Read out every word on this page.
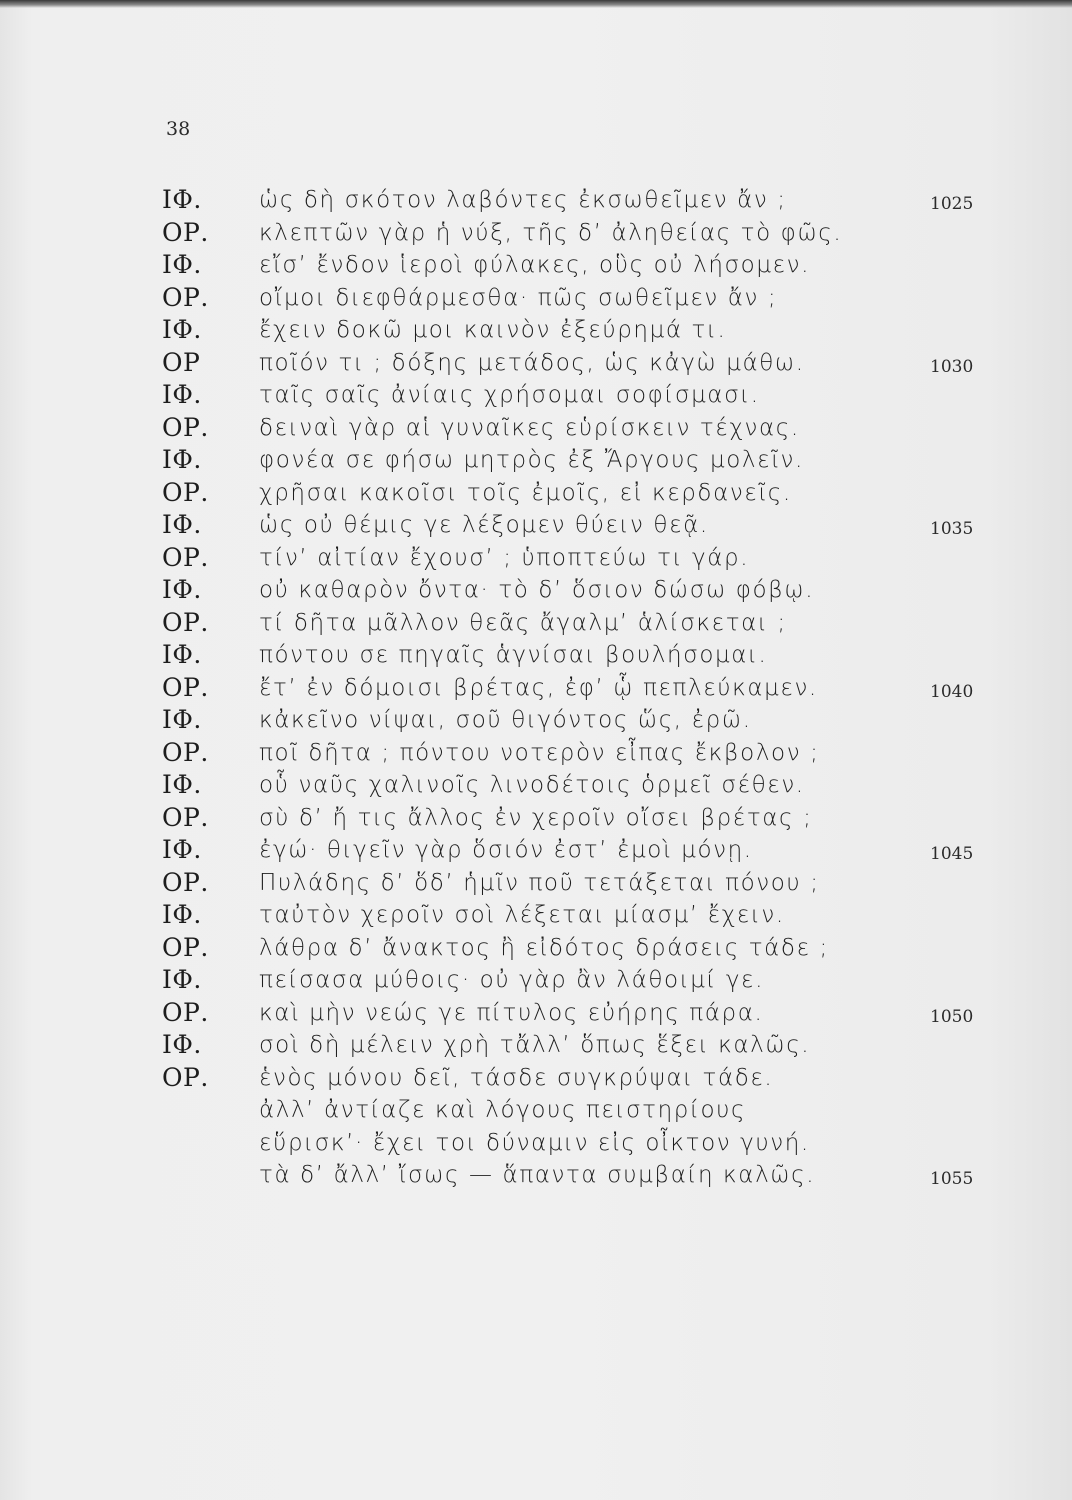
38
ΙΦ. ὡς δὴ σκότον λαβόντες ἐκσωθεῖμεν ἄν ;	1025
ΟΡ. κλεπτῶν γὰρ ἡ νύξ, τῆς δ’ ἀληθείας τὸ φῶς.
ΙΦ. εἴσ’ ἔνδον ἱεροὶ φύλακες, οὓς οὐ λήσομεν.
ΟΡ. οἴμοι διεφθάρμεσθα· πῶς σωθεῖμεν ἄν ;
ΙΦ. ἔχειν δοκῶ μοι καινὸν ἐξεύρημά τι.
ΟΡ	ποῖόν τι ; δόξης μετάδος, ὡς κἀγὼ μάθω.	1030
ΙΦ. ταῖς σαῖς ἀνίαις χρήσομαι σοφίσμασι.
ΟΡ. δειναὶ γὰρ αἱ γυναῖκες εὑρίσκειν τέχνας.
ΙΦ. φονέα σε φήσω μητρὸς ἐξ Ἄργους μολεῖν.
ΟΡ. χρῆσαι κακοῖσι τοῖς ἐμοῖς, εἰ κερδανεῖς.
ΙΦ. ὡς οὐ θέμις γε λέξομεν θύειν θεᾷ.	1035
ΟΡ. τίν’ αἰτίαν ἔχουσ’ ; ὑποπτεύω τι γάρ.
ΙΦ. οὐ καθαρὸν ὄντα· τὸ δ’ ὅσιον δώσω φόβῳ.
ΟΡ. τί δῆτα μᾶλλον θεᾶς ἄγαλμ’ ἁλίσκεται ;
ΙΦ. πόντου σε πηγαῖς ἁγνίσαι βουλήσομαι.
ΟΡ. ἔτ’ ἐν δόμοισι βρέτας, ἐφ’ ᾧ πεπλεύκαμεν.	1040
ΙΦ. κἀκεῖνο νίψαι, σοῦ θιγόντος ὥς, ἐρῶ.
ΟΡ. ποῖ δῆτα ; πόντου νοτερὸν εἶπας ἔκβολον ;
ΙΦ. οὗ ναῦς χαλινοῖς λινοδέτοις ὁρμεῖ σέθεν.
ΟΡ. σὺ δ’ ἤ τις ἄλλος ἐν χεροῖν οἴσει βρέτας ;
ΙΦ. ἐγώ· θιγεῖν γὰρ ὅσιόν ἐστ’ ἐμοὶ μόνῃ.	1045
ΟΡ. Πυλάδης δ’ ὅδ’ ἡμῖν ποῦ τετάξεται πόνου ;
ΙΦ. ταὐτὸν χεροῖν σοὶ λέξεται μίασμ’ ἔχειν.
ΟΡ. λάθρα δ’ ἄνακτος ἢ εἰδότος δράσεις τάδε ;
ΙΦ. πείσασα μύθοις· οὐ γὰρ ἂν λάθοιμί γε.
ΟΡ. καὶ μὴν νεώς γε πίτυλος εὐήρης πάρα.	1050
ΙΦ. σοὶ δὴ μέλειν χρὴ τἄλλ’ ὅπως ἕξει καλῶς.
ΟΡ. ἑνὸς μόνου δεῖ, τάσδε συγκρύψαι τάδε.
ἀλλ’ ἀντίαζε καὶ λόγους πειστηρίους
εὕρισκ’· ἔχει τοι δύναμιν εἰς οἶκτον γυνή.
τὰ δ’ ἄλλ’ ἴσως — ἅπαντα συμβαίη καλῶς.	1055
